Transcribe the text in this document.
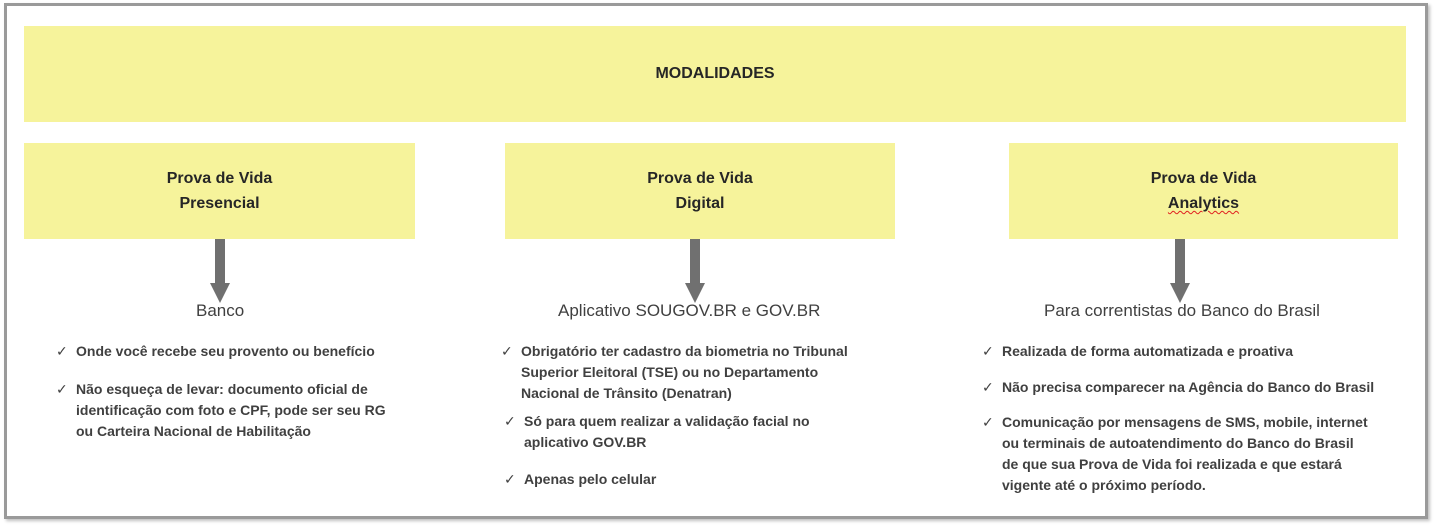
MODALIDADES
Prova de Vida
Presencial
Banco
✓ Onde você recebe seu provento ou benefício
✓ Não esqueça de levar: documento oficial de
identificação com foto e CPF, pode ser seu RG
ou Carteira Nacional de Habilitação
Prova de Vida
Digital
Aplicativo SOUGOV.BR e GOV.BR
✓ Obrigatório ter cadastro da biometria no Tribunal
Superior Eleitoral (TSE) ou no Departamento
Nacional de Trânsito (Denatran)
✓ Só para quem realizar a validação facial no
aplicativo GOV.BR
✓ Apenas pelo celular
Prova de Vida
Analytics
Para correntistas do Banco do Brasil
✓ Realizada de forma automatizada e proativa
✓ Não precisa comparecer na Agência do Banco do Brasil
✓ Comunicação por mensagens de SMS, mobile, internet
ou terminais de autoatendimento do Banco do Brasil
de que sua Prova de Vida foi realizada e que estará
vigente até o próximo período.
